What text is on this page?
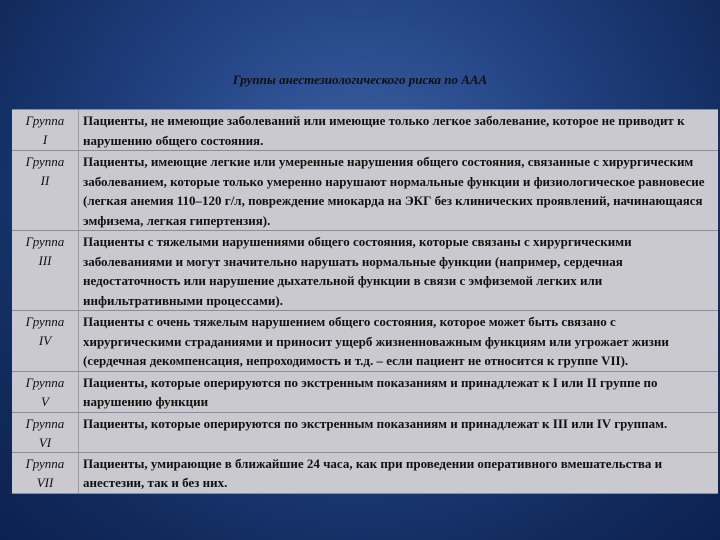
Группы анестезиологического риска по ААА
Группа
I
Пациенты, не имеющие заболеваний или имеющие только легкое заболевание, которое не приводит к нарушению общего состояния.
Группа
II
Пациенты, имеющие легкие или умеренные нарушения общего состояния, связанные с хирургическим заболеванием, которые только умеренно нарушают нормальные функции и физиологическое равновесие (легкая анемия 110–120 г/л, повреждение миокарда на ЭКГ без клинических проявлений, начинающаяся эмфизема, легкая гипертензия).
Группа
III
Пациенты с тяжелыми нарушениями общего состояния, которые связаны с хирургическими заболеваниями и могут значительно нарушать нормальные функции (например, сердечная недостаточность или нарушение дыхательной функции в связи с эмфиземой легких или инфильтративными процессами).
Группа
IV
Пациенты с очень тяжелым нарушением общего состояния, которое может быть связано с хирургическими страданиями и приносит ущерб жизненноважным функциям или угрожает жизни (сердечная декомпенсация, непроходимость и т.д. – если пациент не относится к группе VII).
Группа
V
Пациенты, которые оперируются по экстренным показаниям и принадлежат к I или II группе по нарушению функции
Группа
VI
Пациенты, которые оперируются по экстренным показаниям и принадлежат к III или IV группам.
Группа
VII
Пациенты, умирающие в ближайшие 24 часа, как при проведении оперативного вмешательства и анестезии, так и без них.
